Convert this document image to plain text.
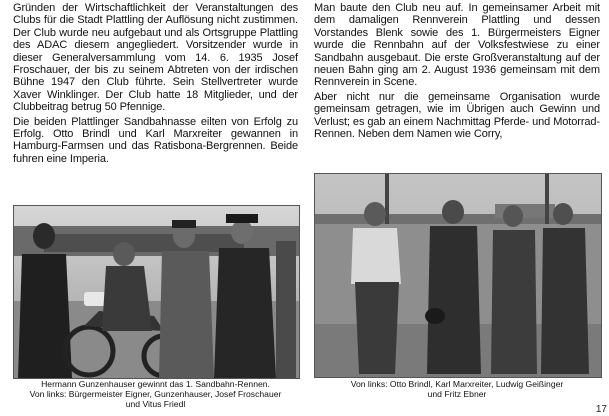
Gründen der Wirtschaftlichkeit der Veranstaltungen des Clubs für die Stadt Plattling der Auflösung nicht zustimmen. Der Club wurde neu aufgebaut und als Ortsgruppe Plattling des ADAC diesem angegliedert. Vorsitzender wurde in dieser Generalversammlung vom 14. 6. 1935 Josef Froschauer, der bis zu seinem Abtreten von der irdischen Bühne 1947 den Club führte. Sein Stellvertreter wurde Xaver Winklinger. Der Club hatte 18 Mitglieder, und der Clubbeitrag betrug 50 Pfennige.

Die beiden Plattlinger Sandbahnasse eilten von Erfolg zu Erfolg. Otto Brindl und Karl Marxreiter gewannen in Hamburg-Farmsen und das Ratisbona-Bergrennen. Beide fuhren eine Imperia.

Man baute den Club neu auf. In gemeinsamer Arbeit mit dem damaligen Rennverein Plattling und dessen Vorstandes Blenk sowie des 1. Bürgermeisters Eigner wurde die Rennbahn auf der Volksfestwiese zu einer Sandbahn ausgebaut. Die erste Großveranstaltung auf der neuen Bahn ging am 2. August 1936 gemeinsam mit dem Rennverein in Scene.

Aber nicht nur die gemeinsame Organisation wurde gemeinsam getragen, wie im Übrigen auch Gewinn und Verlust; es gab an einem Nachmittag Pferde- und Motorrad-Rennen. Neben dem Namen wie Corry,

Hermann Gunzenhauser gewinnt das 1. Sandbahn-Rennen.
Von links: Bürgermeister Eigner, Gunzenhauser, Josef Froschauer
und Vitus Friedl
Von links: Otto Brindl, Karl Marxreiter, Ludwig Geißinger
und Fritz Ebner
17
